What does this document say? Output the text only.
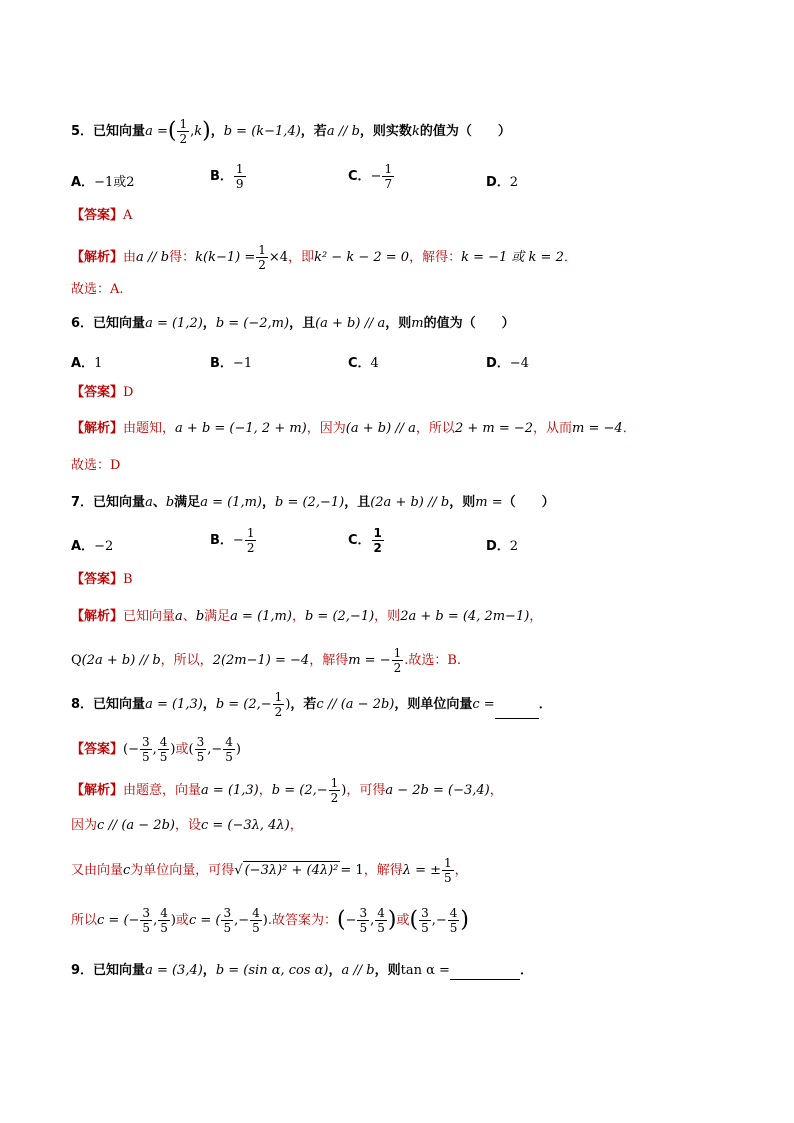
5．已知向量a =( $\frac{1}{2} ,k$)，b = (k−1,4)，若a // b，则实数k的值为（　　）
A．−1或2	B． $\frac{1}{9}$	C．− $\frac{1}{7}$	D．2
【答案】A
【解析】由a // b得：$k(k-1) = \frac{1}{2} \times 4$，即k² − k − 2 = 0，解得：k = −1 或 k = 2．
故选：A.
6．已知向量a = (1,2)，b = (−2,m)，且(a + b) // a，则m的值为（　　）
A．1	B．−1	C．4	D．−4
【答案】D
【解析】由题知，a + b = (−1, 2 + m)，因为(a + b) // a，所以2 + m = −2，从而m = −4．
故选：D
7．已知向量a、b满足a = (1,m)，b = (2,−1)，且(2a + b) // b，则m =（　　）
A．−2	B．− $\frac{1}{2}$	C． $\frac{1}{2}$	D．2
【答案】B
【解析】已知向量a、b满足a = (1,m)，b = (2,−1)，则2a + b = (4, 2m−1)，
Q(2a + b) // b，所以，2(2m−1) = −4，解得m = − $\frac{1}{2}$ .故选：B.
8．已知向量a = (1,3)，$b = (2,- \frac{1}{2}$ )，若c // (a − 2b)，则单位向量c =	．
【答案】(− $\frac{3}{5}$ , $\frac{4}{5}$ )或( $\frac{3}{5}$ ,− $\frac{4}{5}$ )
【解析】由题意，向量a = (1,3)，$b = (2,- \frac{1}{2}$ )，可得a − 2b = (−3,4)，
因为c // (a − 2b)，设c = (−3λ, 4λ)，
又由向量c为单位向量，可得√ (−3λ)² + (4λ)² = 1，解得λ = ± $\frac{1}{5}$ ，
所以c = (− $\frac{3}{5}$ , $\frac{4}{5}$ )或c = ( $\frac{3}{5}$ ,− $\frac{4}{5}$ ).故答案为：(− $\frac{3}{5}$ , $\frac{4}{5}$ )或( $\frac{3}{5}$ ,− $\frac{4}{5}$ )
9．已知向量a = (3,4)，b = (sin α, cos α)，a // b，则tan α =	．
